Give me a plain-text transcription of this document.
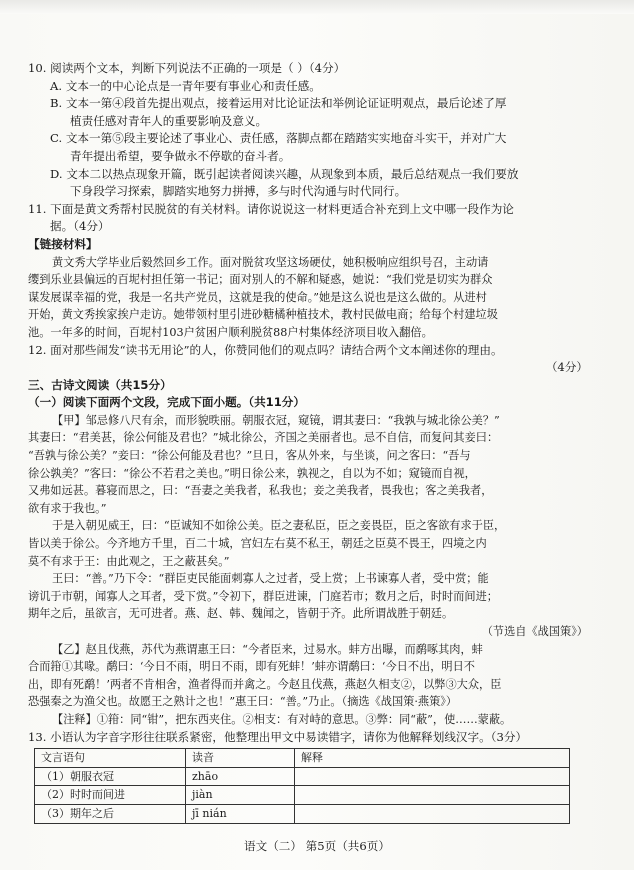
10. 阅读两个文本，判断下列说法不正确的一项是（ ）（4分）
A. 文本一的中心论点是一青年要有事业心和责任感。
B. 文本一第④段首先提出观点，接着运用对比论证法和举例论证证明观点，最后论述了厚
植责任感对青年人的重要影响及意义。
C. 文本一第⑤段主要论述了事业心、责任感，落脚点都在踏踏实实地奋斗实干，并对广大
青年提出希望，要争做永不停歇的奋斗者。
D. 文本二以热点现象开篇，既引起读者阅读兴趣，从现象到本质，最后总结观点一我们要放
下身段学习探索，脚踏实地努力拼搏，多与时代沟通与时代同行。
11. 下面是黄文秀帮村民脱贫的有关材料。请你说说这一材料更适合补充到上文中哪一段作为论
据。（4分）
【链接材料】
黄文秀大学毕业后毅然回乡工作。面对脱贫攻坚这场硬仗，她积极响应组织号召，主动请
缨到乐业县偏远的百坭村担任第一书记；面对别人的不解和疑惑，她说：“我们党是切实为群众
谋发展谋幸福的党，我是一名共产党员，这就是我的使命。”她是这么说也是这么做的。从进村
开始，黄文秀挨家挨户走访。她带领村里引进砂糖橘种植技术，教村民做电商；给每个村建垃圾
池。一年多的时间，百坭村103户贫困户顺利脱贫88户村集体经济项目收入翻倍。
12. 面对那些闹发“读书无用论”的人，你赞同他们的观点吗？请结合两个文本阐述你的理由。
（4分）
三、古诗文阅读（共15分）
（一）阅读下面两个文段，完成下面小题。（共11分）
【甲】邹忌修八尺有余，而形貌昳丽。朝服衣冠，窥镜，谓其妻曰：“我孰与城北徐公美？”
其妻曰：“君美甚，徐公何能及君也？”城北徐公，齐国之美丽者也。忌不自信，而复问其妾曰：
“吾孰与徐公美？”妾曰：“徐公何能及君也？”旦日，客从外来，与坐谈，问之客曰：“吾与
徐公孰美？”客曰：“徐公不若君之美也。”明日徐公来，孰视之，自以为不如；窥镜而自视，
又弗如远甚。暮寝而思之，曰：“吾妻之美我者，私我也；妾之美我者，畏我也；客之美我者，
欲有求于我也。”
于是入朝见威王，曰：“臣诚知不如徐公美。臣之妻私臣，臣之妾畏臣，臣之客欲有求于臣，
皆以美于徐公。今齐地方千里，百二十城，宫妇左右莫不私王，朝廷之臣莫不畏王，四境之内
莫不有求于王：由此观之，王之蔽甚矣。”
王曰：“善。”乃下令：“群臣吏民能面刺寡人之过者，受上赏；上书谏寡人者，受中赏；能
谤讥于市朝，闻寡人之耳者，受下赏。”令初下，群臣进谏，门庭若市；数月之后，时时而间进；
期年之后，虽欲言，无可进者。燕、赵、韩、魏闻之，皆朝于齐。此所谓战胜于朝廷。
（节选自《战国策》）
【乙】赵且伐燕，苏代为燕谓惠王曰：“今者臣来，过易水。蚌方出曝，而鹬啄其肉，蚌
合而箝①其喙。鹬曰：‘今日不雨，明日不雨，即有死蚌！’蚌亦谓鹬曰：‘今日不出，明日不
出，即有死鹬！’两者不肯相舍，渔者得而并禽之。今赵且伐燕，燕赵久相支②，以弊③大众，臣
恐强秦之为渔父也。故愿王之熟计之也！”惠王曰：“善。”乃止。（摘选《战国策·燕策》）
【注释】①箝：同“钳”，把东西夹住。②相支：有对峙的意思。③弊：同“蔽”，使……蒙蔽。
13. 小语认为字音字形往往联系紧密，他整理出甲文中易读错字，请你为他解释划线汉字。（3分）
文言语句	读音	解释
（1）朝服衣冠	zhāo	
（2）时时而间进	jiàn	
（3）期年之后	jī nián	
语文（二） 第5页（共6页）
